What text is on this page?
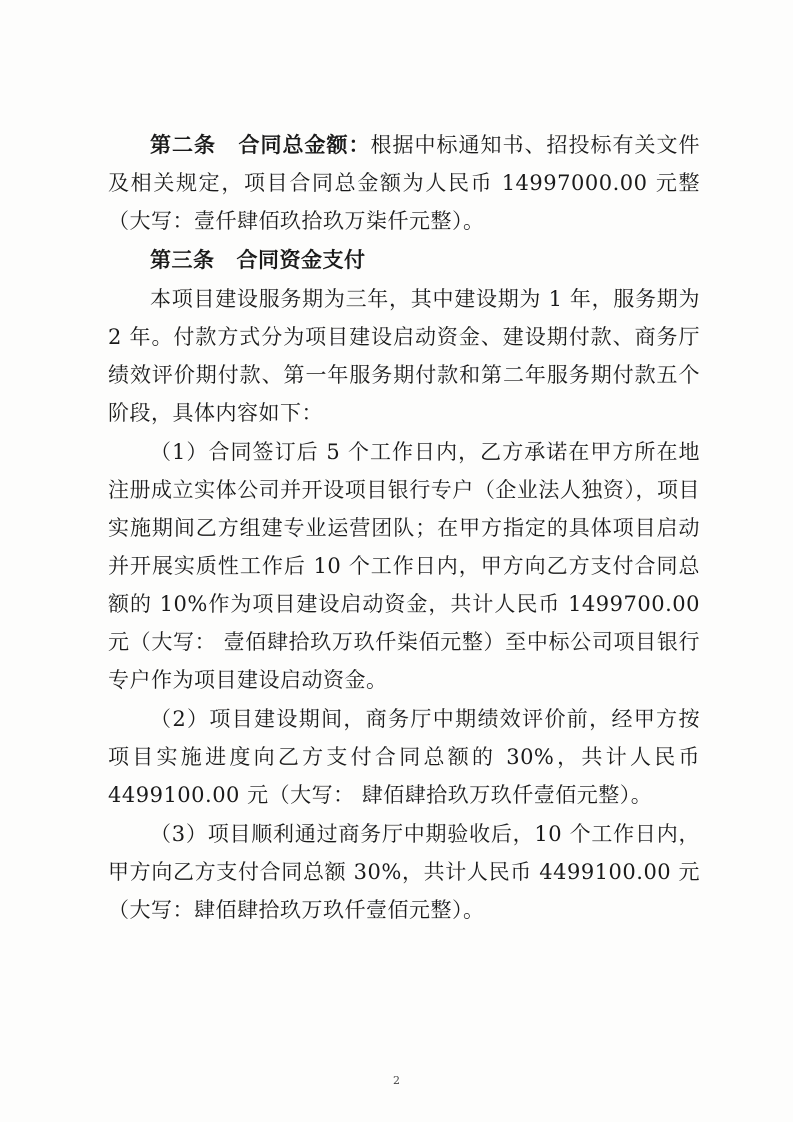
第二条 合同总金额：根据中标通知书、招投标有关文件及相关规定，项目合同总金额为人民币 14997000.00 元整 （大写：壹仟肆佰玖拾玖万柒仟元整）。

第三条 合同资金支付

本项目建设服务期为三年，其中建设期为 1 年，服务期为 2 年。付款方式分为项目建设启动资金、建设期付款、商务厅绩效评价期付款、第一年服务期付款和第二年服务期付款五个阶段，具体内容如下：

（1）合同签订后 5 个工作日内，乙方承诺在甲方所在地注册成立实体公司并开设项目银行专户（企业法人独资），项目实施期间乙方组建专业运营团队；在甲方指定的具体项目启动并开展实质性工作后 10 个工作日内，甲方向乙方支付合同总额的 10%作为项目建设启动资金，共计人民币 1499700.00 元（大写： 壹佰肆拾玖万玖仟柒佰元整）至中标公司项目银行专户作为项目建设启动资金。

（2）项目建设期间，商务厅中期绩效评价前，经甲方按项目实施进度向乙方支付合同总额的 30%，共计人民币 4499100.00 元（大写： 肆佰肆拾玖万玖仟壹佰元整）。

（3）项目顺利通过商务厅中期验收后，10 个工作日内，甲方向乙方支付合同总额 30%，共计人民币 4499100.00 元（大写：肆佰肆拾玖万玖仟壹佰元整）。

2
